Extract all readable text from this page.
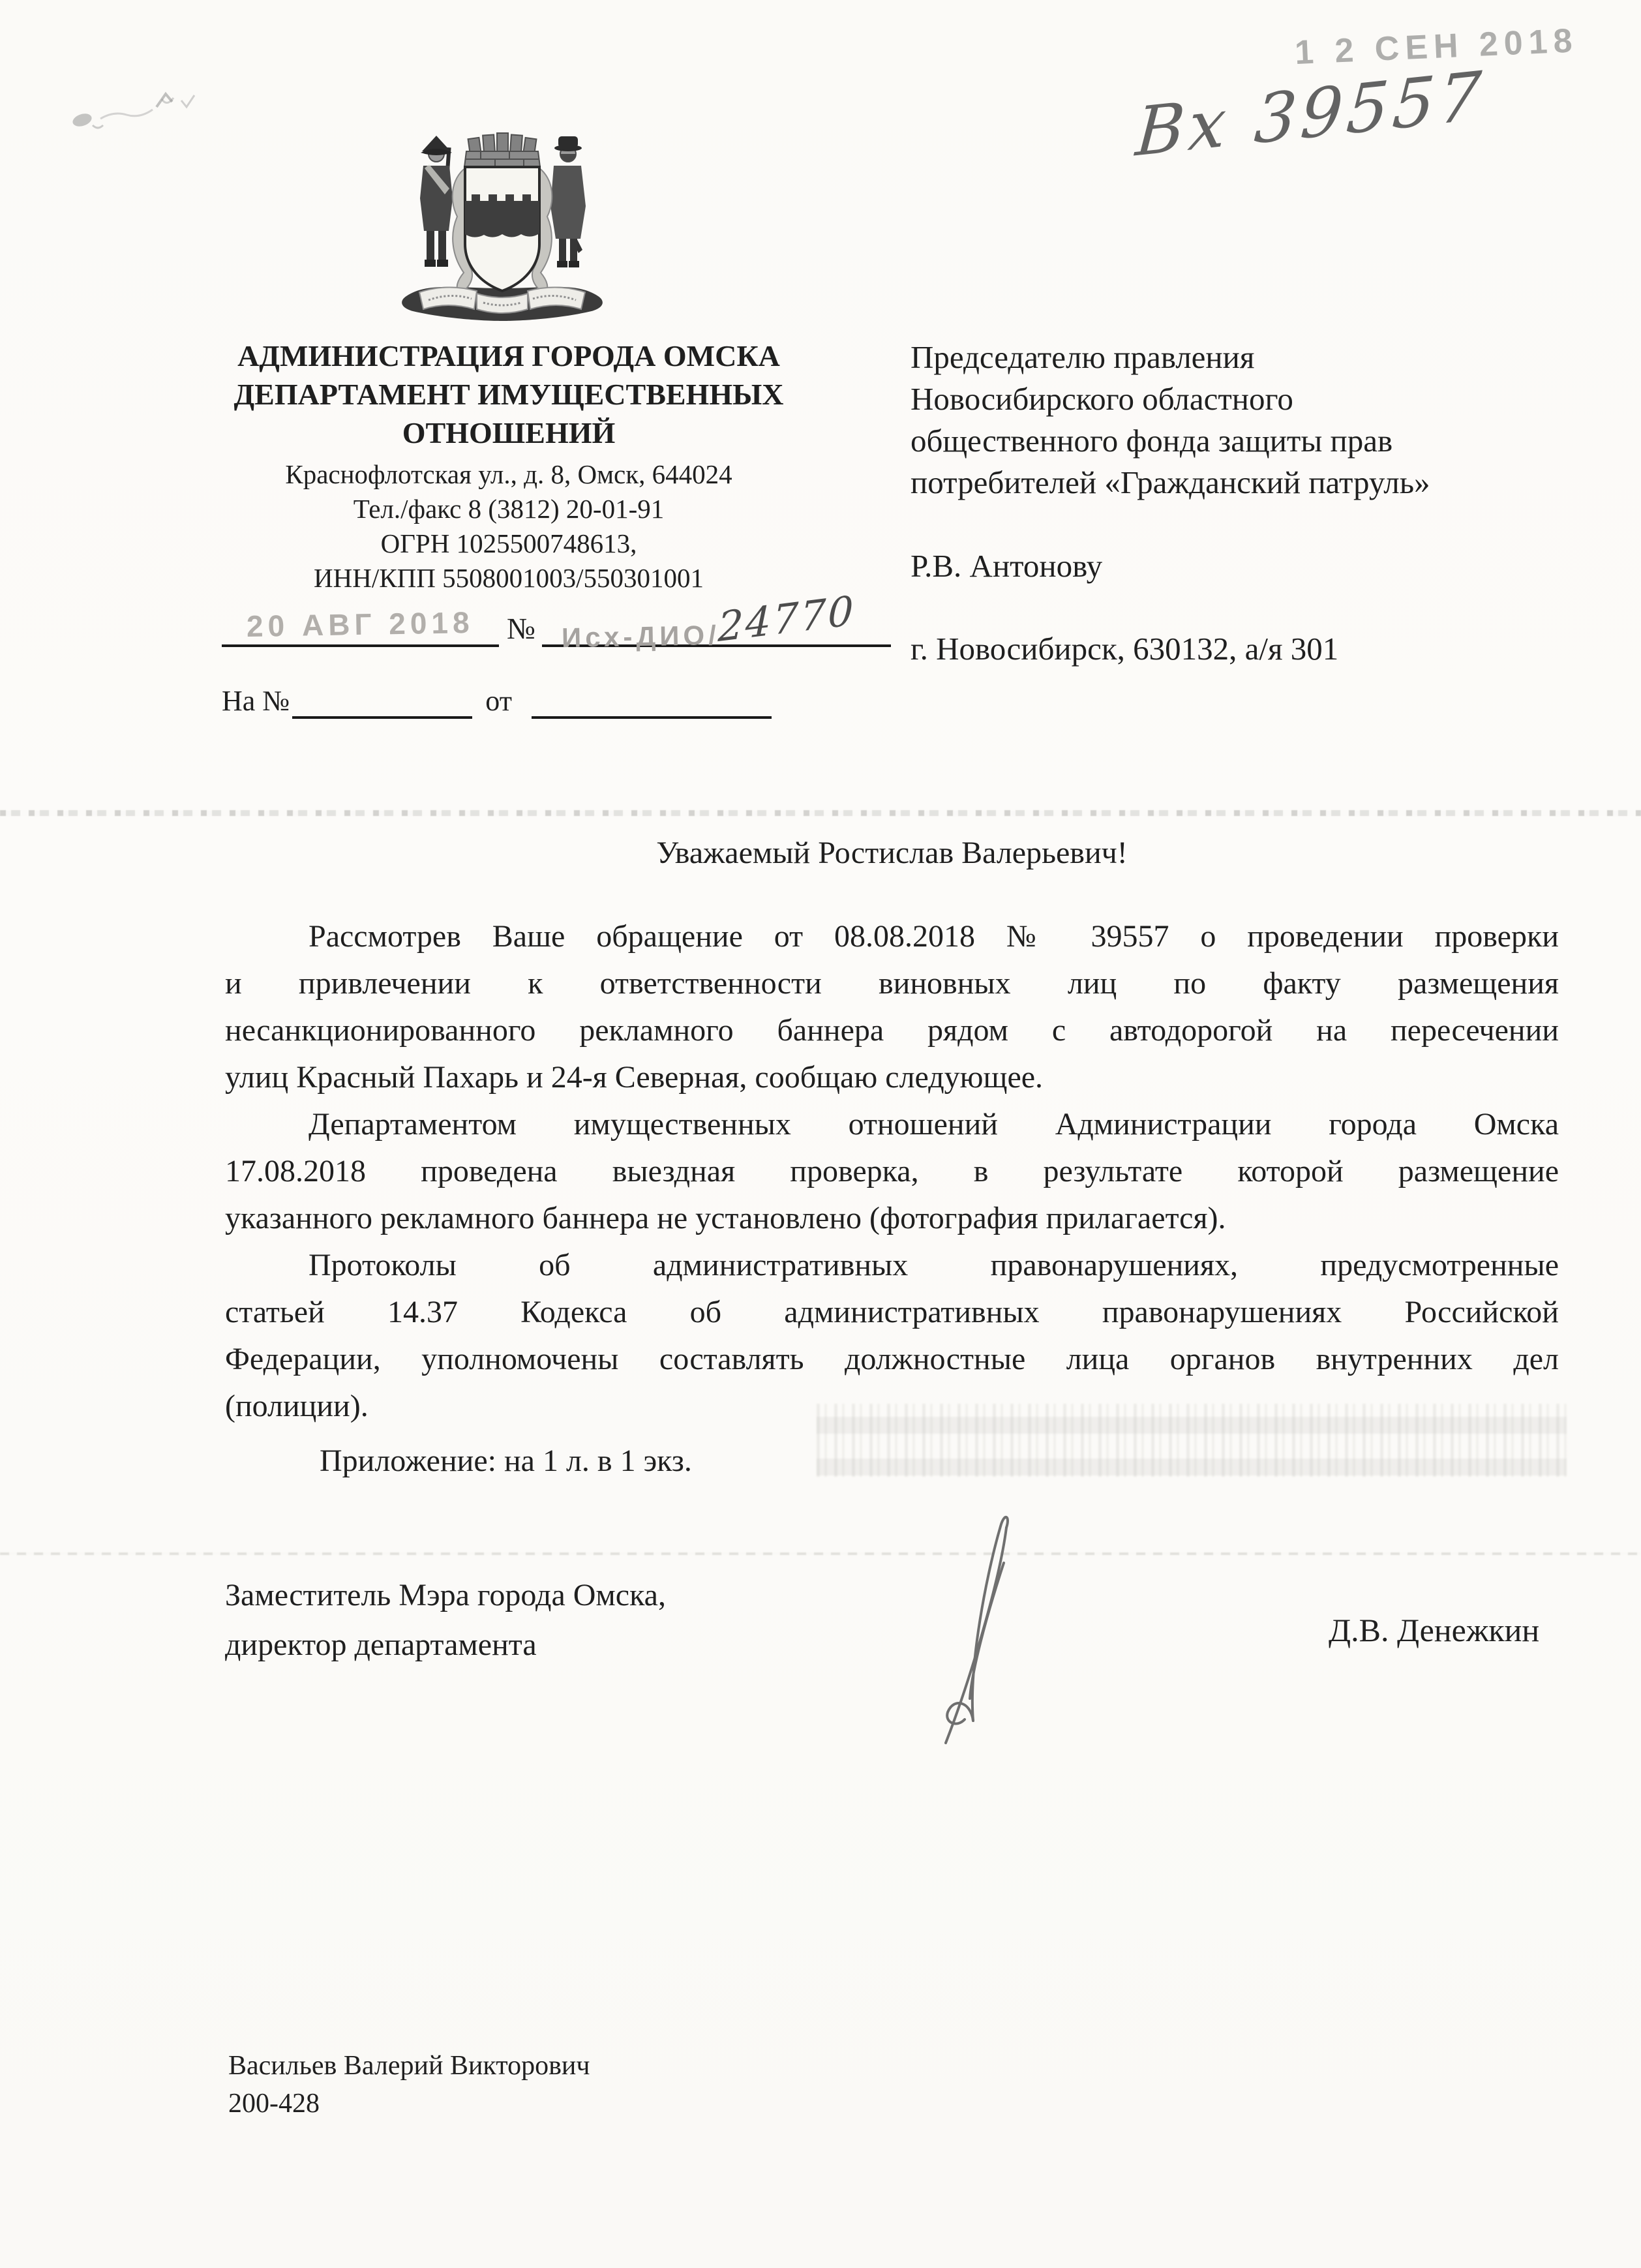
1 2 СЕН 2018
Вх 39557
АДМИНИСТРАЦИЯ ГОРОДА ОМСКА
ДЕПАРТАМЕНТ ИМУЩЕСТВЕННЫХ
ОТНОШЕНИЙ
Краснофлотская ул., д. 8, Омск, 644024
Тел./факс 8 (3812) 20-01-91
ОГРН 1025500748613,
ИНН/КПП 5508001003/550301001
20 АВГ 2018	№ Исх-ДИО/24770
На №	от
Председателю правления
Новосибирского областного
общественного фонда защиты прав
потребителей «Гражданский патруль»
Р.В. Антонову
г. Новосибирск, 630132, а/я 301
Уважаемый Ростислав Валерьевич!
Рассмотрев Ваше обращение от 08.08.2018 № 39557 о проведении проверки
и привлечении к ответственности виновных лиц по факту размещения
несанкционированного рекламного баннера рядом с автодорогой на пересечении
улиц Красный Пахарь и 24-я Северная, сообщаю следующее.
Департаментом имущественных отношений Администрации города Омска
17.08.2018 проведена выездная проверка, в результате которой размещение
указанного рекламного баннера не установлено (фотография прилагается).
Протоколы об административных правонарушениях, предусмотренные
статьей 14.37 Кодекса об административных правонарушениях Российской
Федерации, уполномочены составлять должностные лица органов внутренних дел
(полиции).
Приложение: на 1 л. в 1 экз.
Заместитель Мэра города Омска,
директор департамента	Д.В. Денежкин
Васильев Валерий Викторович
200-428
